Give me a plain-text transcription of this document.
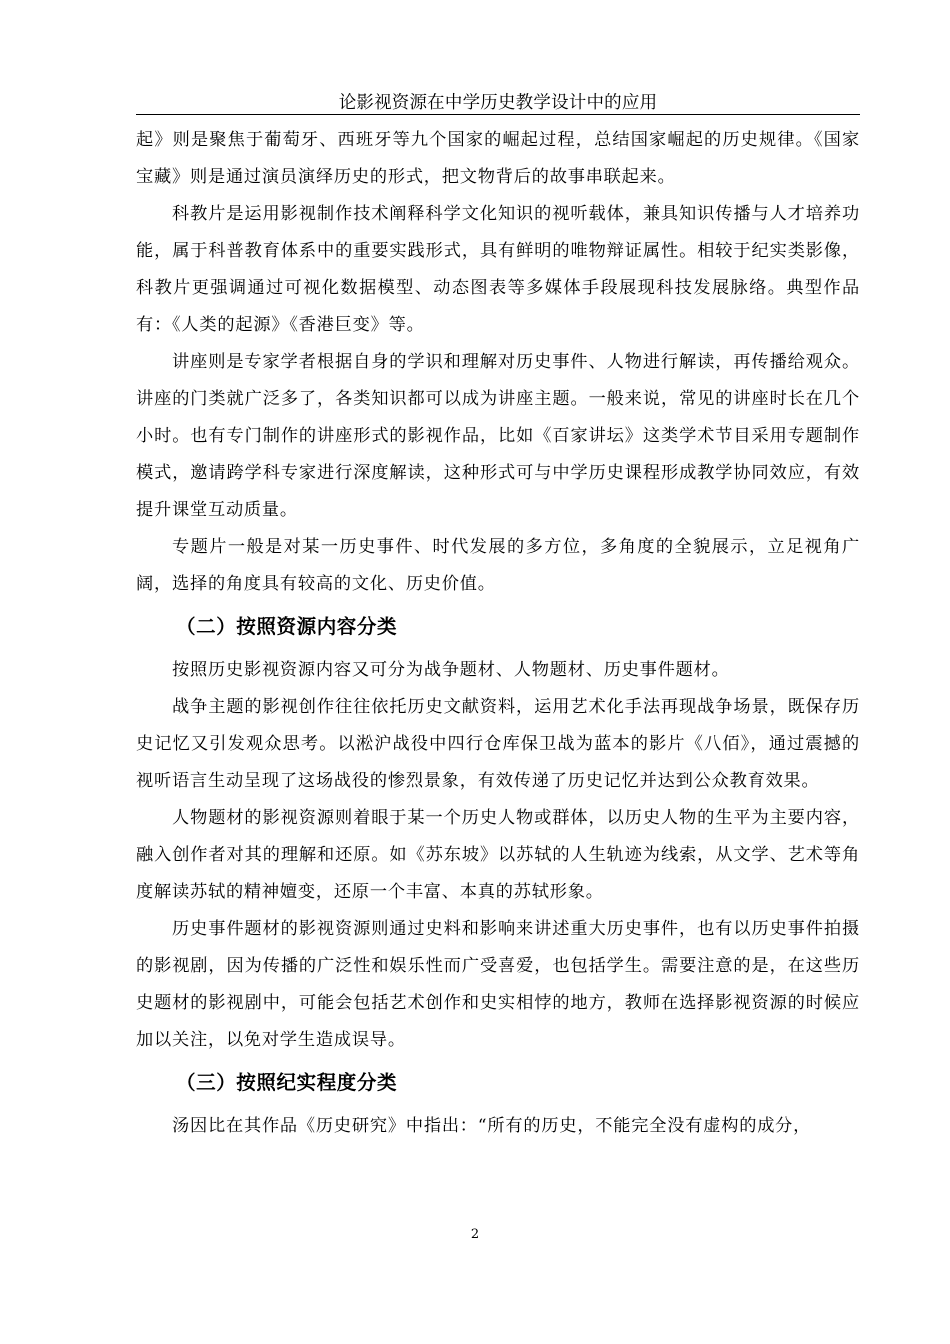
论影视资源在中学历史教学设计中的应用

起》则是聚焦于葡萄牙、西班牙等九个国家的崛起过程，总结国家崛起的历史规律。《国家宝藏》则是通过演员演绎历史的形式，把文物背后的故事串联起来。

科教片是运用影视制作技术阐释科学文化知识的视听载体，兼具知识传播与人才培养功能，属于科普教育体系中的重要实践形式，具有鲜明的唯物辩证属性。相较于纪实类影像，科教片更强调通过可视化数据模型、动态图表等多媒体手段展现科技发展脉络。典型作品有：《人类的起源》《香港巨变》等。

讲座则是专家学者根据自身的学识和理解对历史事件、人物进行解读，再传播给观众。讲座的门类就广泛多了，各类知识都可以成为讲座主题。一般来说，常见的讲座时长在几个小时。也有专门制作的讲座形式的影视作品，比如《百家讲坛》这类学术节目采用专题制作模式，邀请跨学科专家进行深度解读，这种形式可与中学历史课程形成教学协同效应，有效提升课堂互动质量。

专题片一般是对某一历史事件、时代发展的多方位，多角度的全貌展示，立足视角广阔，选择的角度具有较高的文化、历史价值。

（二）按照资源内容分类

按照历史影视资源内容又可分为战争题材、人物题材、历史事件题材。

战争主题的影视创作往往依托历史文献资料，运用艺术化手法再现战争场景，既保存历史记忆又引发观众思考。以淞沪战役中四行仓库保卫战为蓝本的影片《八佰》，通过震撼的视听语言生动呈现了这场战役的惨烈景象，有效传递了历史记忆并达到公众教育效果。

人物题材的影视资源则着眼于某一个历史人物或群体，以历史人物的生平为主要内容，融入创作者对其的理解和还原。如《苏东坡》以苏轼的人生轨迹为线索，从文学、艺术等角度解读苏轼的精神嬗变，还原一个丰富、本真的苏轼形象。

历史事件题材的影视资源则通过史料和影响来讲述重大历史事件，也有以历史事件拍摄的影视剧，因为传播的广泛性和娱乐性而广受喜爱，也包括学生。需要注意的是，在这些历史题材的影视剧中，可能会包括艺术创作和史实相悖的地方，教师在选择影视资源的时候应加以关注，以免对学生造成误导。

（三）按照纪实程度分类

汤因比在其作品《历史研究》中指出：“所有的历史，不能完全没有虚构的成分，

2
